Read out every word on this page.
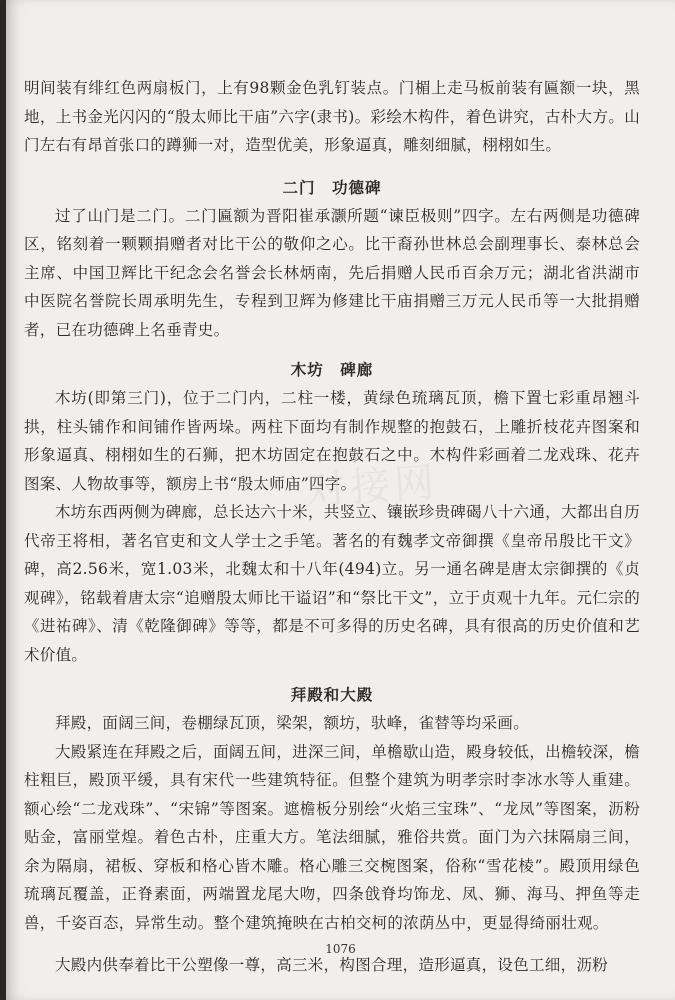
对接网

明间装有绯红色两扇板门，上有98颗金色乳钉装点。门楣上走马板前装有匾额一块，黑地，上书金光闪闪的“殷太师比干庙”六字(隶书)。彩绘木构件，着色讲究，古朴大方。山门左右有昂首张口的蹲狮一对，造型优美，形象逼真，雕刻细腻，栩栩如生。

二门　功德碑

过了山门是二门。二门匾额为晋阳崔承灏所题“谏臣极则”四字。左右两侧是功德碑区，铭刻着一颗颗捐赠者对比干公的敬仰之心。比干裔孙世林总会副理事长、泰林总会主席、中国卫辉比干纪念会名誉会长林炳南，先后捐赠人民币百余万元；湖北省洪湖市中医院名誉院长周承明先生，专程到卫辉为修建比干庙捐赠三万元人民币等一大批捐赠者，已在功德碑上名垂青史。

木坊　碑廊

木坊(即第三门)，位于二门内，二柱一楼，黄绿色琉璃瓦顶，檐下置七彩重昂翘斗拱，柱头铺作和间铺作皆两垛。两柱下面均有制作规整的抱鼓石，上雕折枝花卉图案和形象逼真、栩栩如生的石狮，把木坊固定在抱鼓石之中。木构件彩画着二龙戏珠、花卉图案、人物故事等，额房上书“殷太师庙”四字。

木坊东西两侧为碑廊，总长达六十米，共竖立、镶嵌珍贵碑碣八十六通，大都出自历代帝王将相，著名官吏和文人学士之手笔。著名的有魏孝文帝御撰《皇帝吊殷比干文》碑，高2.56米，宽1.03米，北魏太和十八年(494)立。另一通名碑是唐太宗御撰的《贞观碑》，铭载着唐太宗“追赠殷太师比干谥诏”和“祭比干文”，立于贞观十九年。元仁宗的《进祐碑》、清《乾隆御碑》等等，都是不可多得的历史名碑，具有很高的历史价值和艺术价值。

拜殿和大殿

拜殿，面阔三间，卷棚绿瓦顶，梁架，额坊，驮峰，雀替等均采画。

大殿紧连在拜殿之后，面阔五间，进深三间，单檐歇山造，殿身较低，出檐较深，檐柱粗巨，殿顶平缓，具有宋代一些建筑特征。但整个建筑为明孝宗时李冰水等人重建。额心绘“二龙戏珠”、“宋锦”等图案。遮檐板分别绘“火焰三宝珠”、“龙凤”等图案，沥粉贴金，富丽堂煌。着色古朴，庄重大方。笔法细腻，雅俗共赏。面门为六抹隔扇三间，余为隔扇，裙板、穿板和格心皆木雕。格心雕三交椀图案，俗称“雪花棱”。殿顶用绿色琉璃瓦覆盖，正脊素面，两端置龙尾大吻，四条戗脊均饰龙、凤、狮、海马、押鱼等走兽，千姿百态，异常生动。整个建筑掩映在古柏交柯的浓荫丛中，更显得绮丽壮观。

大殿内供奉着比干公塑像一尊，高三米，构图合理，造形逼真，设色工细，沥粉

1076
